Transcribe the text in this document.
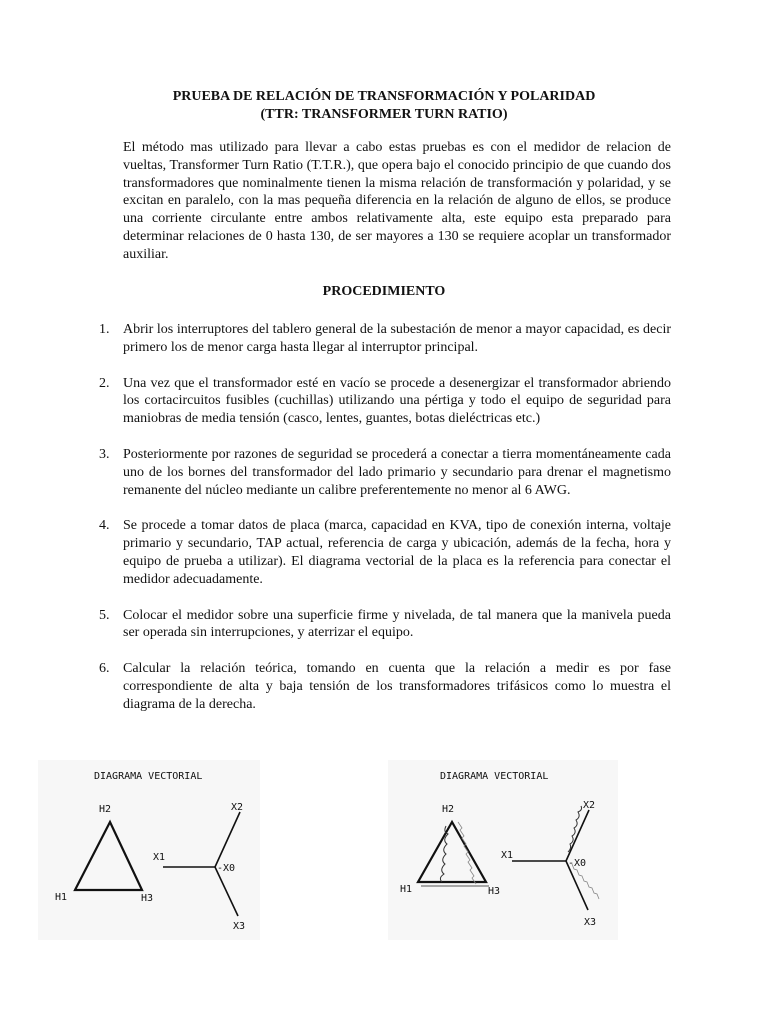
PRUEBA DE RELACIÓN DE TRANSFORMACIÓN Y POLARIDAD
(TTR: TRANSFORMER TURN RATIO)

El método mas utilizado para llevar a cabo estas pruebas es con el medidor de relacion de vueltas, Transformer Turn Ratio (T.T.R.), que opera bajo el conocido principio de que cuando dos transformadores que nominalmente tienen la misma relación de transformación y polaridad, y se excitan en paralelo, con la mas pequeña diferencia en la relación de alguno de ellos, se produce una corriente circulante entre ambos relativamente alta, este equipo esta preparado para determinar relaciones de 0 hasta 130, de ser mayores a 130 se requiere acoplar un transformador auxiliar.

PROCEDIMIENTO
1. Abrir los interruptores del tablero general de la subestación de menor a mayor capacidad, es decir primero los de menor carga hasta llegar al interruptor principal.
2. Una vez que el transformador esté en vacío se procede a desenergizar el transformador abriendo los cortacircuitos fusibles (cuchillas) utilizando una pértiga y todo el equipo de seguridad para maniobras de media tensión (casco, lentes, guantes, botas dieléctricas etc.)
3. Posteriormente por razones de seguridad se procederá a conectar a tierra momentáneamente cada uno de los bornes del transformador del lado primario y secundario para drenar el magnetismo remanente del núcleo mediante un calibre preferentemente no menor al 6 AWG.
4. Se procede a tomar datos de placa (marca, capacidad en KVA, tipo de conexión interna, voltaje primario y secundario, TAP actual, referencia de carga y ubicación, además de la fecha, hora y equipo de prueba a utilizar). El diagrama vectorial de la placa es la referencia para conectar el medidor adecuadamente.
5. Colocar el medidor sobre una superficie firme y nivelada, de tal manera que la manivela pueda ser operada sin interrupciones, y aterrizar el equipo.
6. Calcular la relación teórica, tomando en cuenta que la relación a medir es por fase correspondiente de alta y baja tensión de los transformadores trifásicos como lo muestra el diagrama de la derecha.
DIAGRAMA VECTORIAL
H2
H1	H3
X1
X2
-X0
X3
DIAGRAMA VECTORIAL
H2
H1	H3
X1
X2
-X0
X3
